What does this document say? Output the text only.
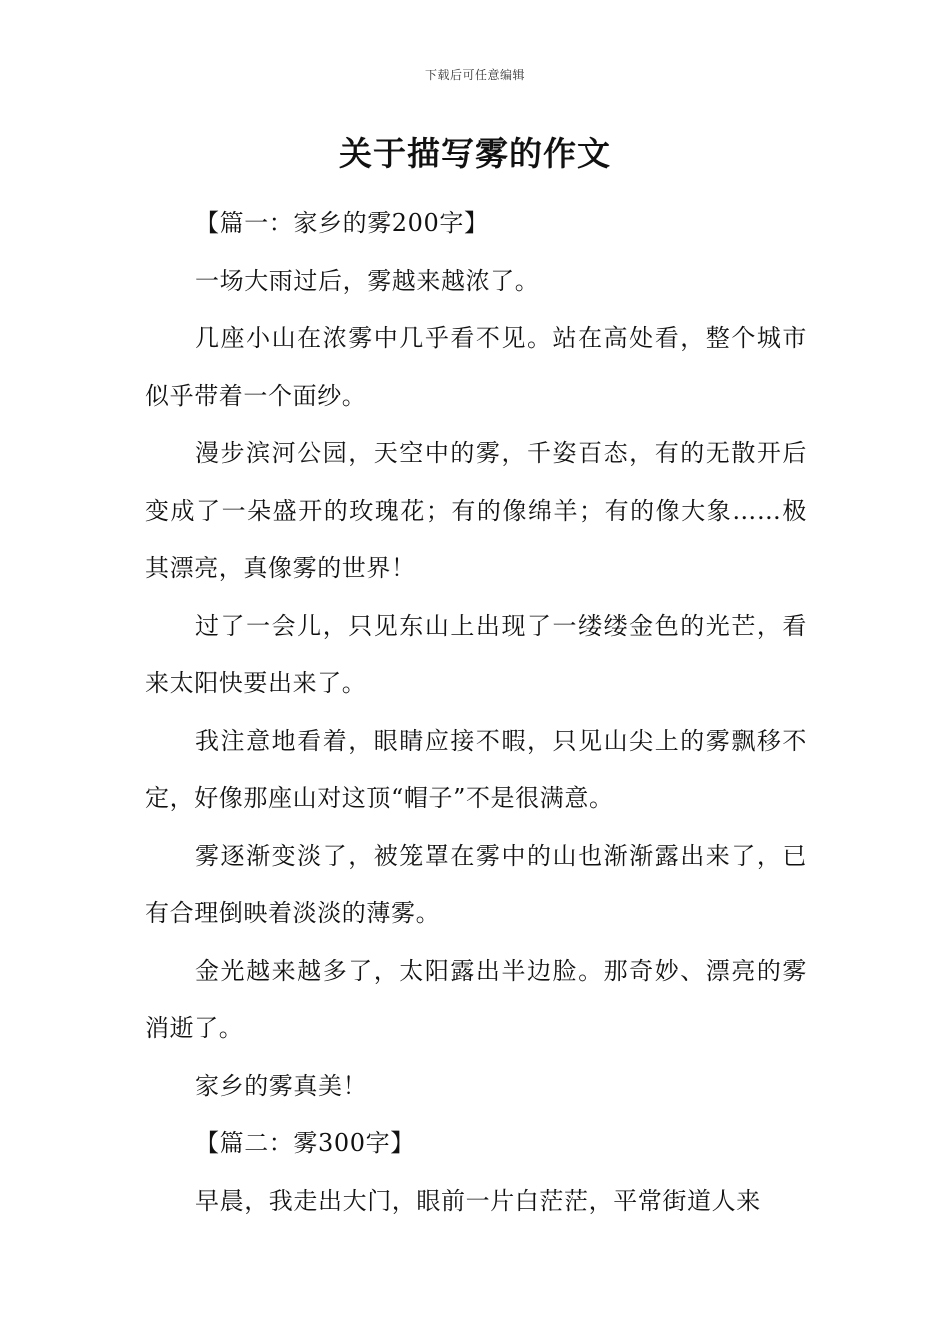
下载后可任意编辑
关于描写雾的作文

【篇一：家乡的雾200字】

一场大雨过后，雾越来越浓了。

几座小山在浓雾中几乎看不见。站在高处看，整个城市似乎带着一个面纱。

漫步滨河公园，天空中的雾，千姿百态，有的无散开后变成了一朵盛开的玫瑰花；有的像绵羊；有的像大象……极其漂亮，真像雾的世界！

过了一会儿，只见东山上出现了一缕缕金色的光芒，看来太阳快要出来了。

我注意地看着，眼睛应接不暇，只见山尖上的雾飘移不定，好像那座山对这顶“帽子”不是很满意。

雾逐渐变淡了，被笼罩在雾中的山也渐渐露出来了，已有合理倒映着淡淡的薄雾。

金光越来越多了，太阳露出半边脸。那奇妙、漂亮的雾消逝了。

家乡的雾真美！

【篇二：雾300字】

早晨，我走出大门，眼前一片白茫茫，平常街道人来
